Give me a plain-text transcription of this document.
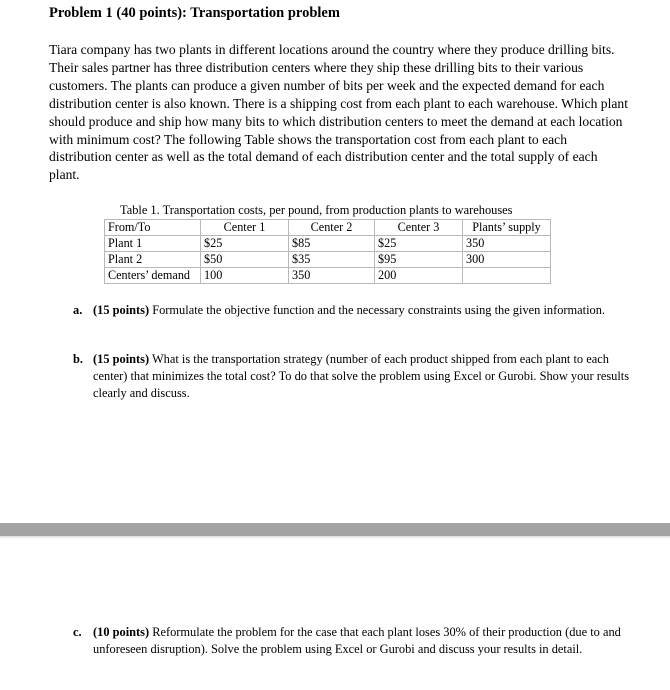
Problem 1 (40 points): Transportation problem

Tiara company has two plants in different locations around the country where they produce drilling bits. Their sales partner has three distribution centers where they ship these drilling bits to their various customers. The plants can produce a given number of bits per week and the expected demand for each distribution center is also known. There is a shipping cost from each plant to each warehouse. Which plant should produce and ship how many bits to which distribution centers to meet the demand at each location with minimum cost? The following Table shows the transportation cost from each plant to each distribution center as well as the total demand of each distribution center and the total supply of each plant.

Table 1. Transportation costs, per pound, from production plants to warehouses
From/To	Center 1	Center 2	Center 3	Plants’ supply
Plant 1	$25	$85	$25	350
Plant 2	$50	$35	$95	300
Centers’ demand	100	350	200	
a. (15 points) Formulate the objective function and the necessary constraints using the given information.
b. (15 points) What is the transportation strategy (number of each product shipped from each plant to each center) that minimizes the total cost? To do that solve the problem using Excel or Gurobi. Show your results clearly and discuss.
c. (10 points) Reformulate the problem for the case that each plant loses 30% of their production (due to and unforeseen disruption). Solve the problem using Excel or Gurobi and discuss your results in detail.
